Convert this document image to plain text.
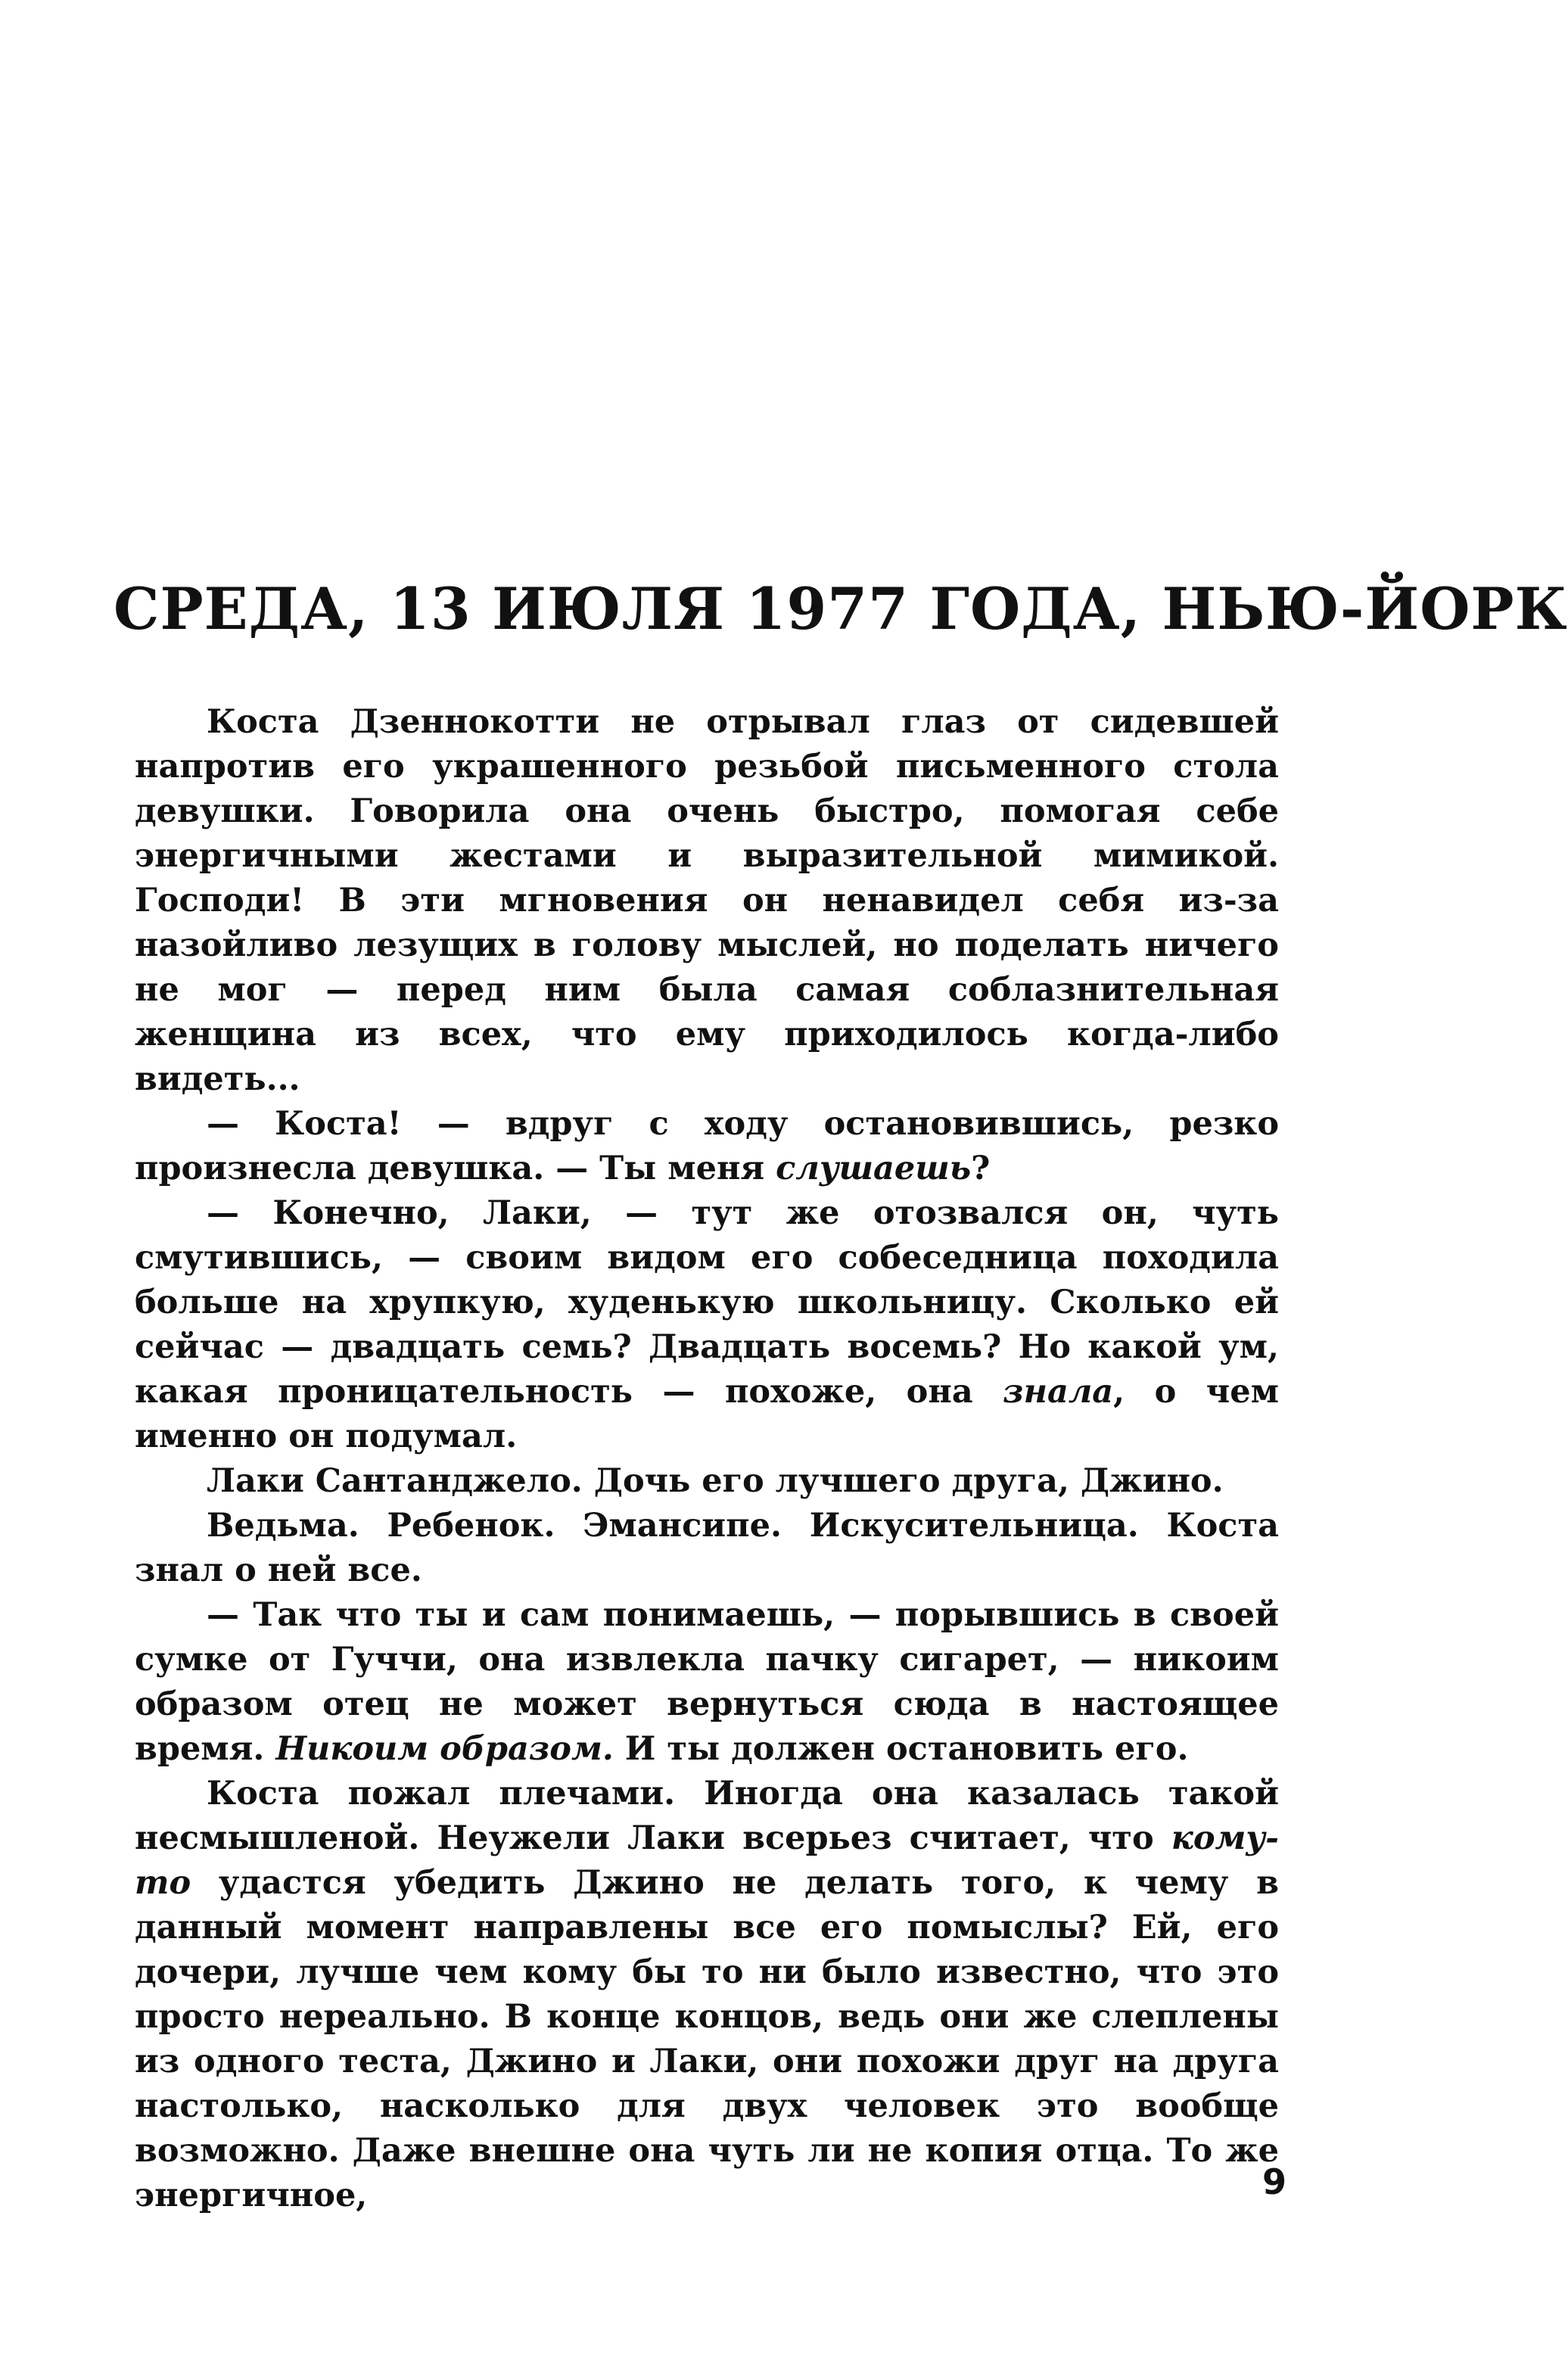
СРЕДА, 13 ИЮЛЯ 1977 ГОДА, НЬЮ-ЙОРК

Коста Дзеннокотти не отрывал глаз от сидевшей напротив его украшенного резьбой письменного стола девушки. Говорила она очень быстро, помогая себе энергичными жестами и выразительной мимикой. Господи! В эти мгновения он ненавидел себя из-за назойливо лезущих в голову мыслей, но поделать ничего не мог — перед ним была самая соблазнительная женщина из всех, что ему приходилось когда-либо видеть...

— Коста! — вдруг с ходу остановившись, резко произнесла девушка. — Ты меня слушаешь?

— Конечно, Лаки, — тут же отозвался он, чуть смутившись, — своим видом его собеседница походила больше на хрупкую, худенькую школьницу. Сколько ей сейчас — двадцать семь? Двадцать восемь? Но какой ум, какая проницательность — похоже, она знала, о чем именно он подумал.

Лаки Сантанджело. Дочь его лучшего друга, Джино.

Ведьма. Ребенок. Эмансипе. Искусительница. Коста знал о ней все.

— Так что ты и сам понимаешь, — порывшись в своей сумке от Гуччи, она извлекла пачку сигарет, — никоим образом отец не может вернуться сюда в настоящее время. Никоим образом. И ты должен остановить его.

Коста пожал плечами. Иногда она казалась такой несмышленой. Неужели Лаки всерьез считает, что кому-то удастся убедить Джино не делать того, к чему в данный момент направлены все его помыслы? Ей, его дочери, лучше чем кому бы то ни было известно, что это просто нереально. В конце концов, ведь они же слеплены из одного теста, Джино и Лаки, они похожи друг на друга настолько, насколько для двух человек это вообще возможно. Даже внешне она чуть ли не копия отца. То же энергичное,	9
